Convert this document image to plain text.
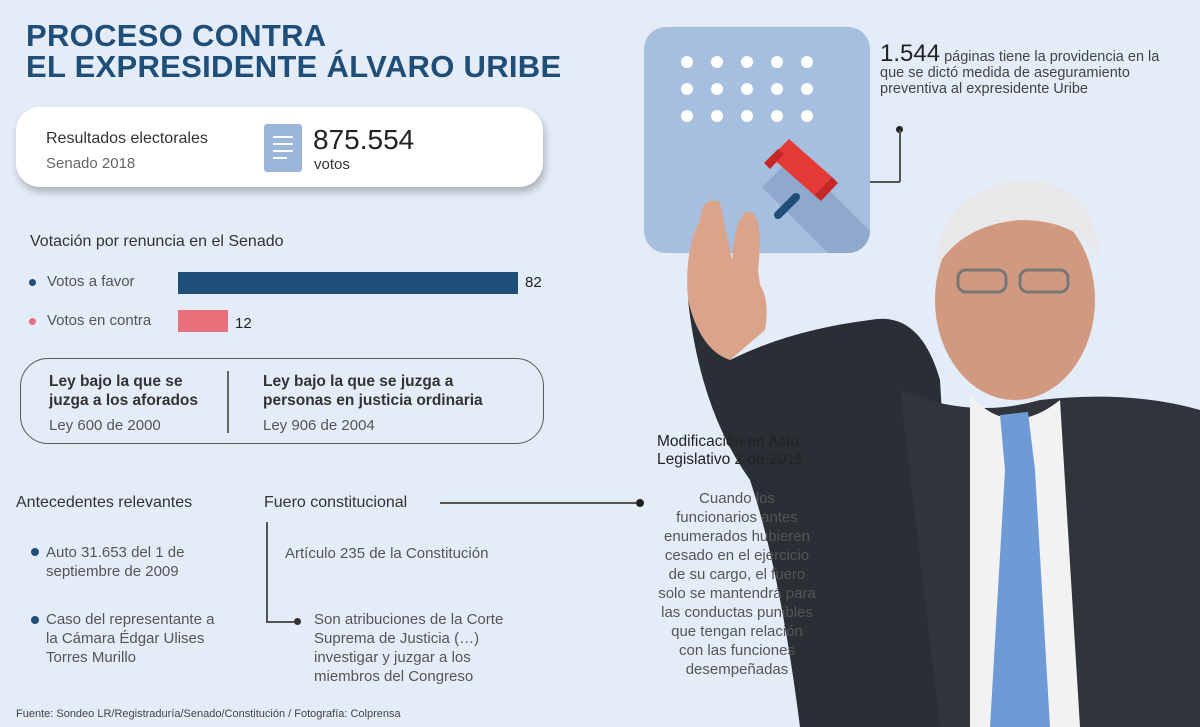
PROCESO CONTRA
EL EXPRESIDENTE ÁLVARO URIBE
Resultados electorales
Senado 2018
875.554
votos
Votación por renuncia en el Senado
Votos a favor	82
Votos en contra	12
Ley bajo la que se juzga a los aforados
Ley 600 de 2000
Ley bajo la que se juzga a personas en justicia ordinaria
Ley 906 de 2004
Antecedentes relevantes
Auto 31.653 del 1 de septiembre de 2009
Caso del representante a la Cámara Édgar Ulises Torres Murillo
Fuero constitucional
Artículo 235 de la Constitución
Son atribuciones de la Corte Suprema de Justicia (…) investigar y juzgar a los miembros del Congreso
1.544 páginas tiene la providencia en la que se dictó medida de aseguramiento preventiva al expresidente Uribe
Modificación en Acto Legislativo 2 de 2015
Cuando los funcionarios antes enumerados hubieren cesado en el ejercicio de su cargo, el fuero solo se mantendrá para las conductas punibles que tengan relación con las funciones desempeñadas
Fuente: Sondeo LR/Registraduría/Senado/Constitución / Fotografía: Colprensa
